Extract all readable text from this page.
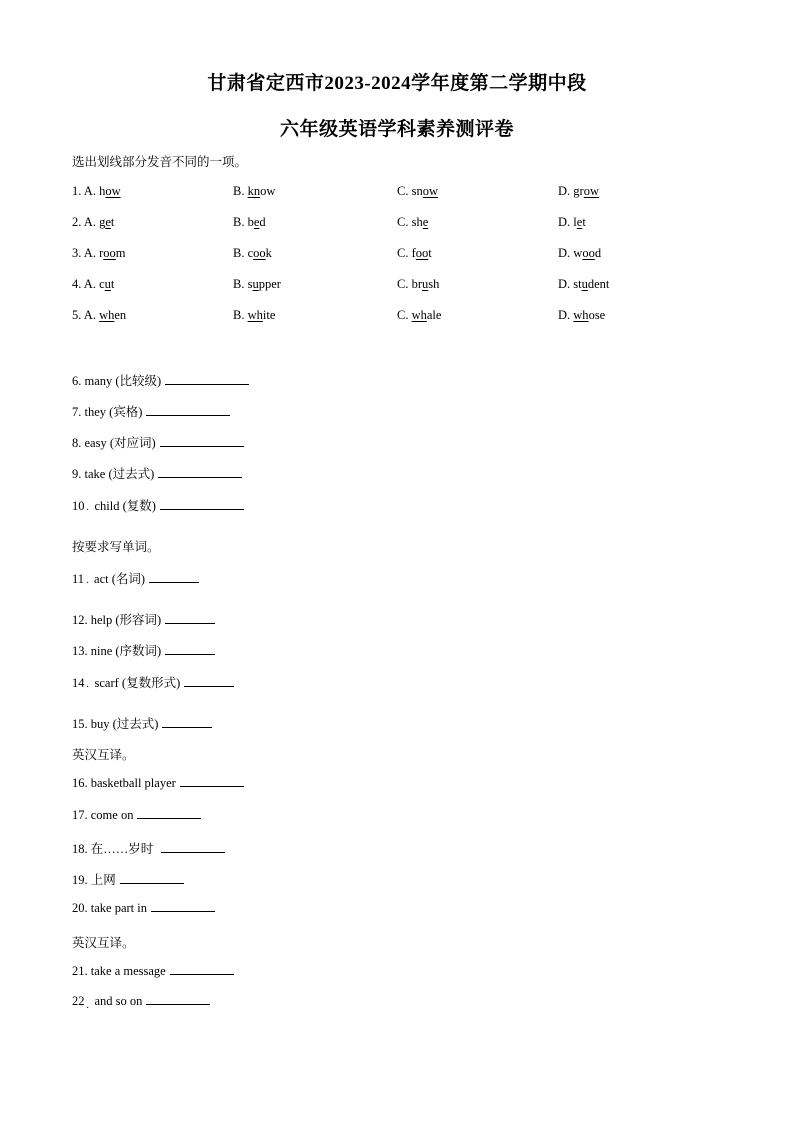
甘肃省定西市2023-2024学年度第二学期中段
六年级英语学科素养测评卷
选出划线部分发音不同的一项。
1. A. how	B. know	C. snow	D. grow
2. A. get	B. bed	C. she	D. let
3. A. room	B. cook	C. foot	D. wood
4. A. cut	B. supper	C. brush	D. student
5. A. when	B. white	C. whale	D. whose
6. many (比较级)
7. they (宾格)
8. easy (对应词)
9. take (过去式)
10 child (复数)
·
按要求写单词。
11 act (名词)
·
12. help (形容词)
13. nine (序数词)
14 scarf (复数形式)
·
15. buy (过去式)
英汉互译。
16. basketball player
17. come on
18. 在……岁时
19. 上网
20. take part in
英汉互译。
21. take a message
22 and so on
·
